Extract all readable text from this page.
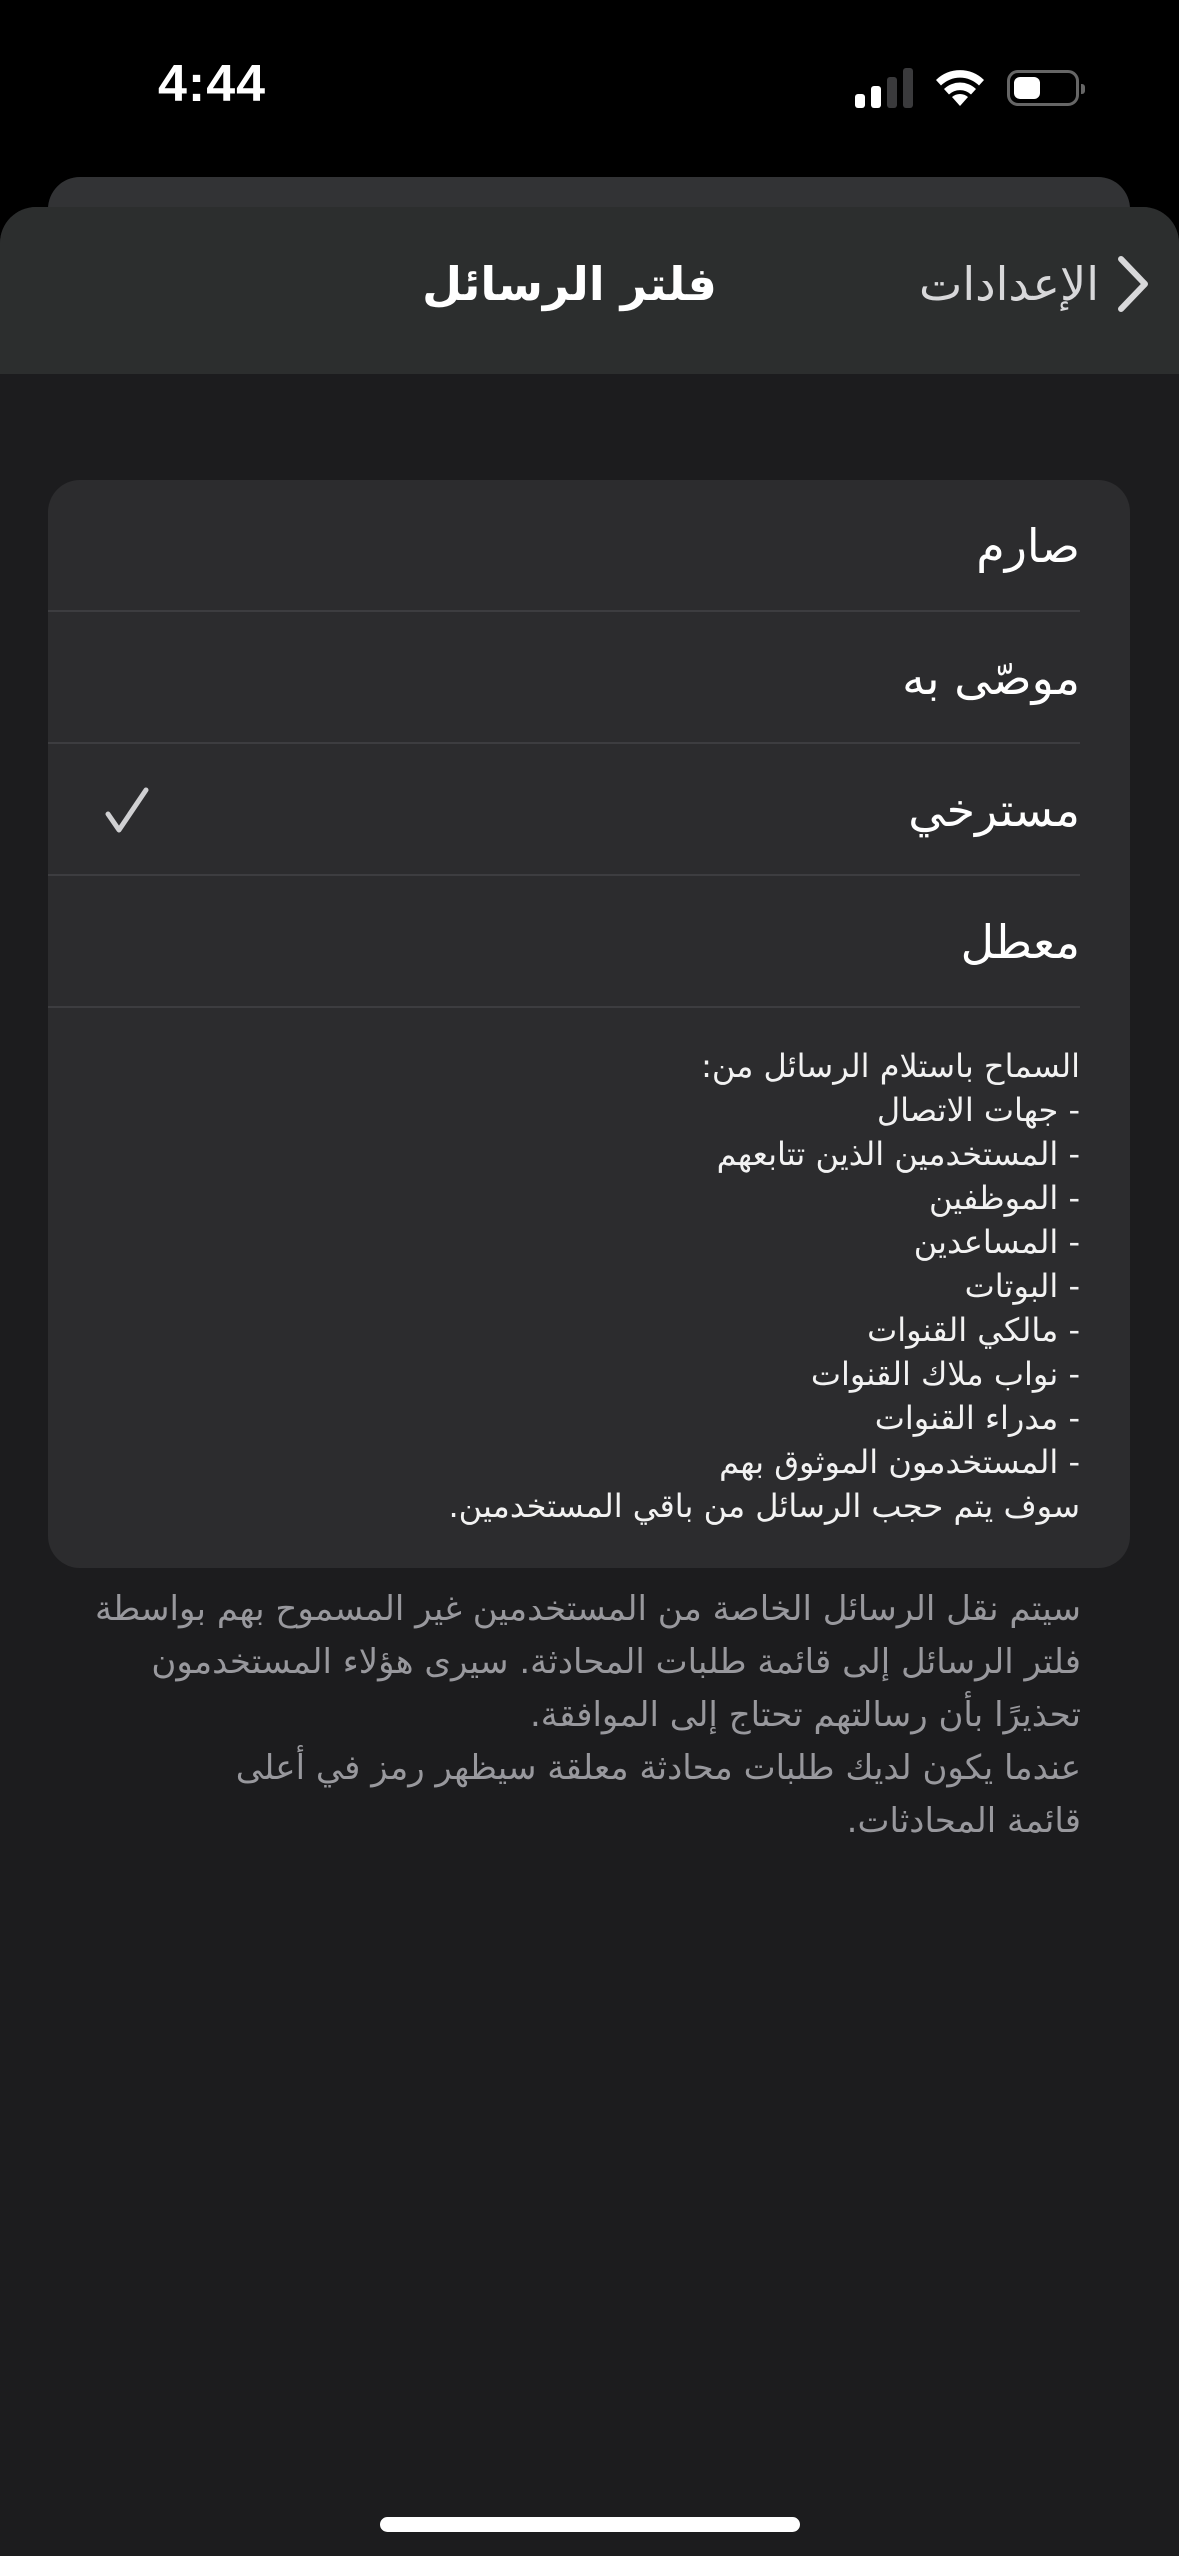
4:44
فلتر الرسائل	الإعدادات
صارم
موصّى به
مسترخي
معطل
السماح باستلام الرسائل من:
- جهات الاتصال
- المستخدمين الذين تتابعهم
- الموظفين
- المساعدين
- البوتات
- مالكي القنوات
- نواب ملاك القنوات
- مدراء القنوات
- المستخدمون الموثوق بهم
سوف يتم حجب الرسائل من باقي المستخدمين.
سيتم نقل الرسائل الخاصة من المستخدمين غير المسموح بهم بواسطة
فلتر الرسائل إلى قائمة طلبات المحادثة. سيرى هؤلاء المستخدمون
تحذيرًا بأن رسالتهم تحتاج إلى الموافقة.
عندما يكون لديك طلبات محادثة معلقة سيظهر رمز في أعلى
قائمة المحادثات.
